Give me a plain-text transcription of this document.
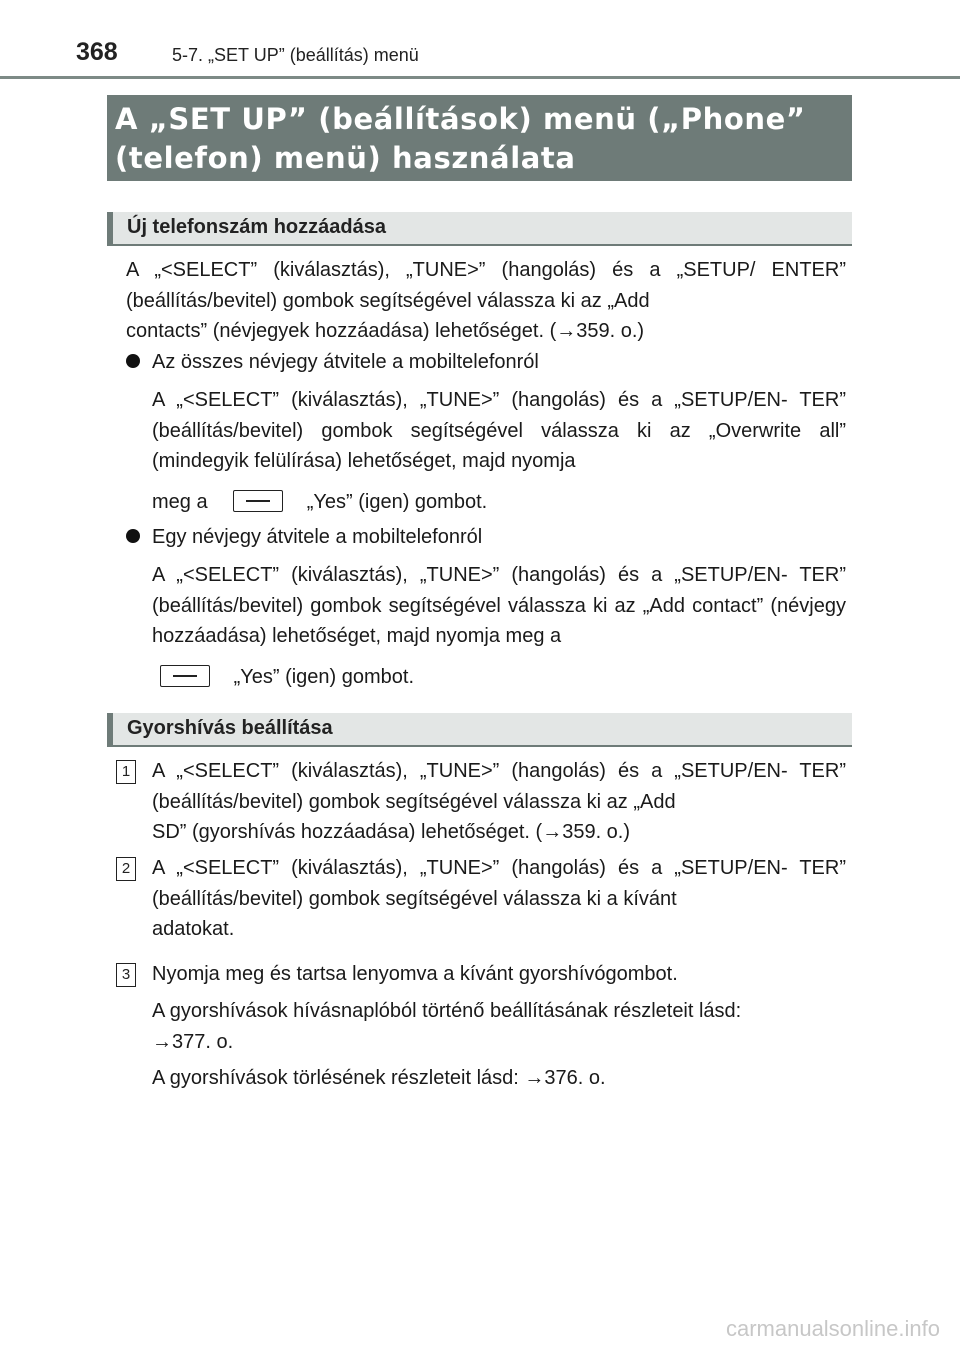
368	5-7. „SET UP” (beállítás) menü
A „SET UP” (beállítások) menü („Phone”
(telefon) menü) használata
Új telefonszám hozzáadása
A „<SELECT” (kiválasztás), „TUNE>” (hangolás) és a „SETUP/ ENTER” (beállítás/bevitel) gombok segítségével válassza ki az „Add
contacts” (névjegyek hozzáadása) lehetőséget. (→359. o.)
Az összes névjegy átvitele a mobiltelefonról
A „<SELECT” (kiválasztás), „TUNE>” (hangolás) és a „SETUP/EN- TER” (beállítás/bevitel) gombok segítségével válassza ki az „Overwrite all” (mindegyik felülírása) lehetőséget, majd nyomja
meg a	„Yes” (igen) gombot.
Egy névjegy átvitele a mobiltelefonról
A „<SELECT” (kiválasztás), „TUNE>” (hangolás) és a „SETUP/EN- TER” (beállítás/bevitel) gombok segítségével válassza ki az „Add contact” (névjegy hozzáadása) lehetőséget, majd nyomja meg a
„Yes” (igen) gombot.
Gyorshívás beállítása
1 A „<SELECT” (kiválasztás), „TUNE>” (hangolás) és a „SETUP/EN- TER” (beállítás/bevitel) gombok segítségével válassza ki az „Add
SD” (gyorshívás hozzáadása) lehetőséget. (→359. o.)
2 A „<SELECT” (kiválasztás), „TUNE>” (hangolás) és a „SETUP/EN- TER” (beállítás/bevitel) gombok segítségével válassza ki a kívánt
adatokat.
3 Nyomja meg és tartsa lenyomva a kívánt gyorshívógombot.
A gyorshívások hívásnaplóból történő beállításának részleteit lásd:
→377. o.
A gyorshívások törlésének részleteit lásd: →376. o.
carmanualsonline.info
